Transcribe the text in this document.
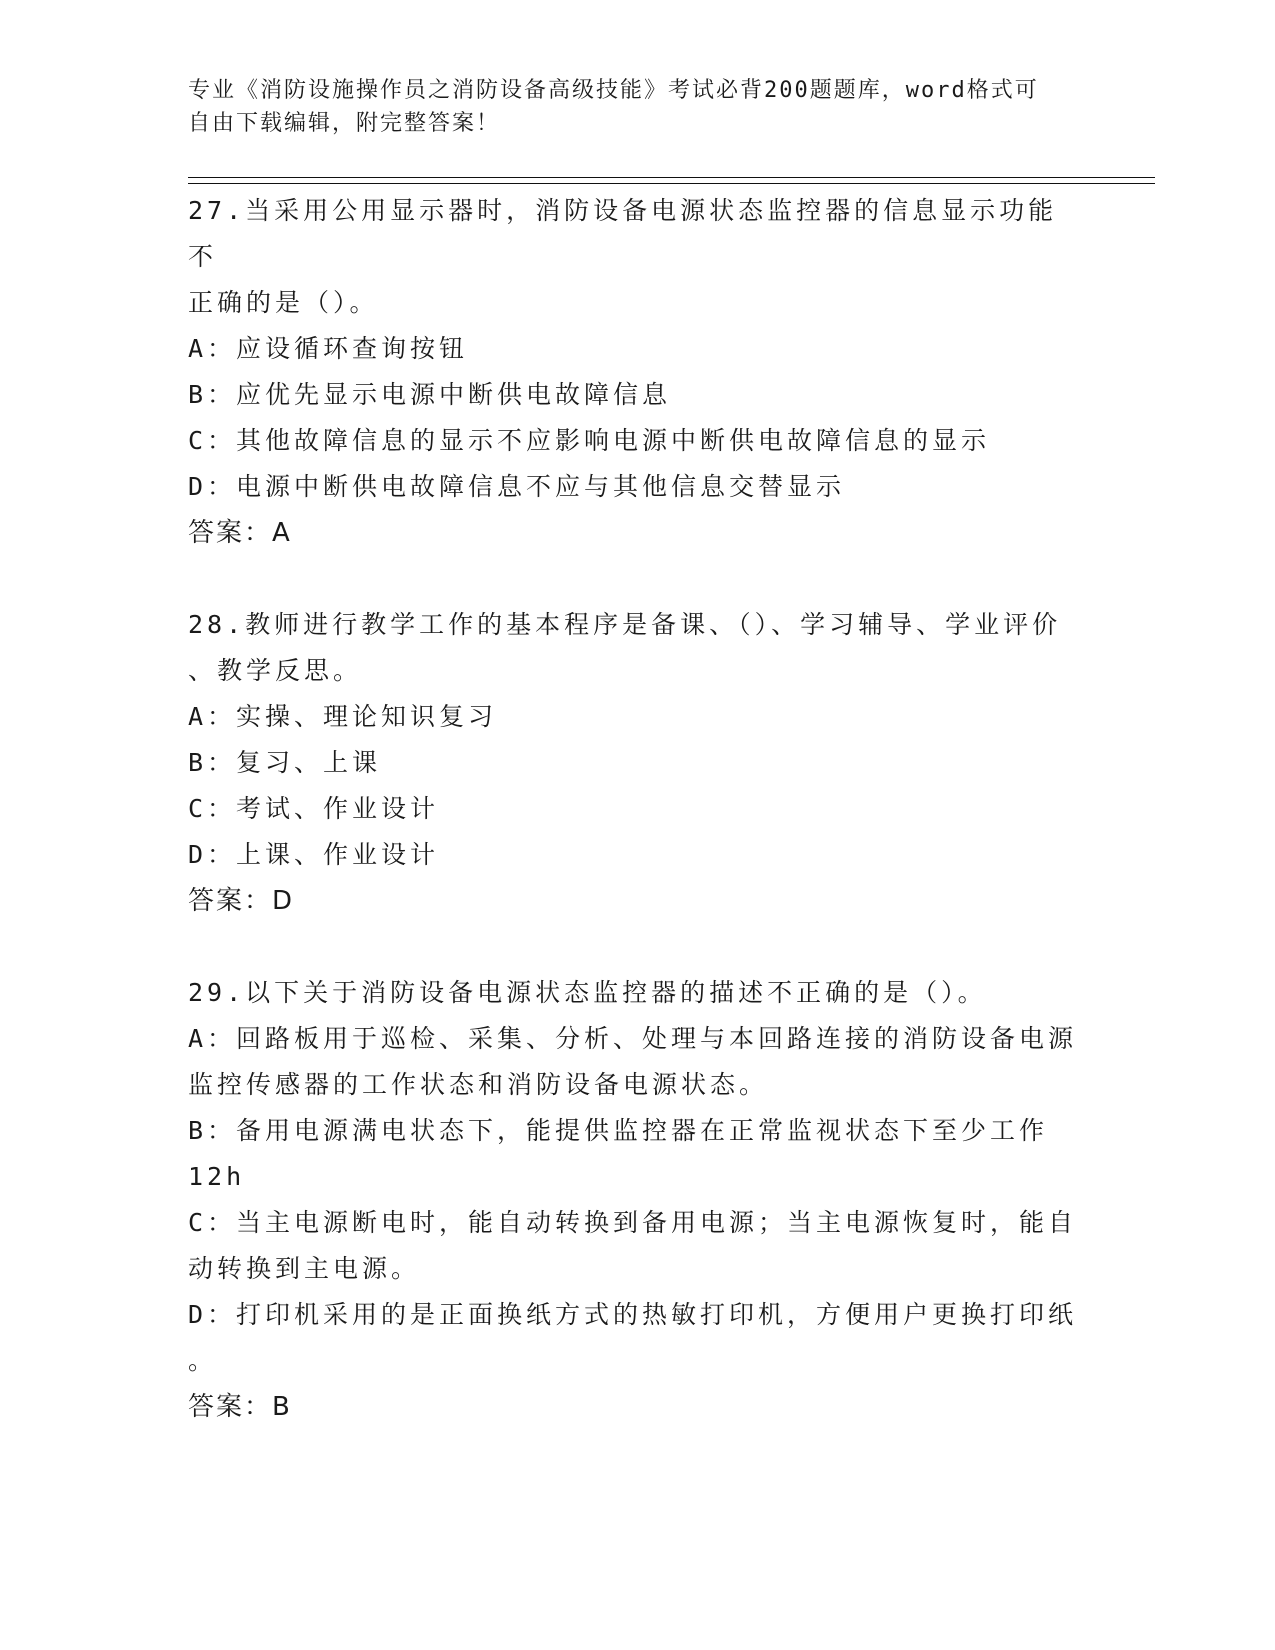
专业《消防设施操作员之消防设备高级技能》考试必背200题题库，word格式可
自由下载编辑，附完整答案！
27.当采用公用显示器时，消防设备电源状态监控器的信息显示功能不
正确的是（）。
A：应设循环查询按钮
B：应优先显示电源中断供电故障信息
C：其他故障信息的显示不应影响电源中断供电故障信息的显示
D：电源中断供电故障信息不应与其他信息交替显示
答案：A
28.教师进行教学工作的基本程序是备课、（）、学习辅导、学业评价
、教学反思。
A：实操、理论知识复习
B：复习、上课
C：考试、作业设计
D：上课、作业设计
答案：D
29.以下关于消防设备电源状态监控器的描述不正确的是（）。
A：回路板用于巡检、采集、分析、处理与本回路连接的消防设备电源
监控传感器的工作状态和消防设备电源状态。
B：备用电源满电状态下，能提供监控器在正常监视状态下至少工作
12h
C：当主电源断电时，能自动转换到备用电源；当主电源恢复时，能自
动转换到主电源。
D：打印机采用的是正面换纸方式的热敏打印机，方便用户更换打印纸
。
答案：B
